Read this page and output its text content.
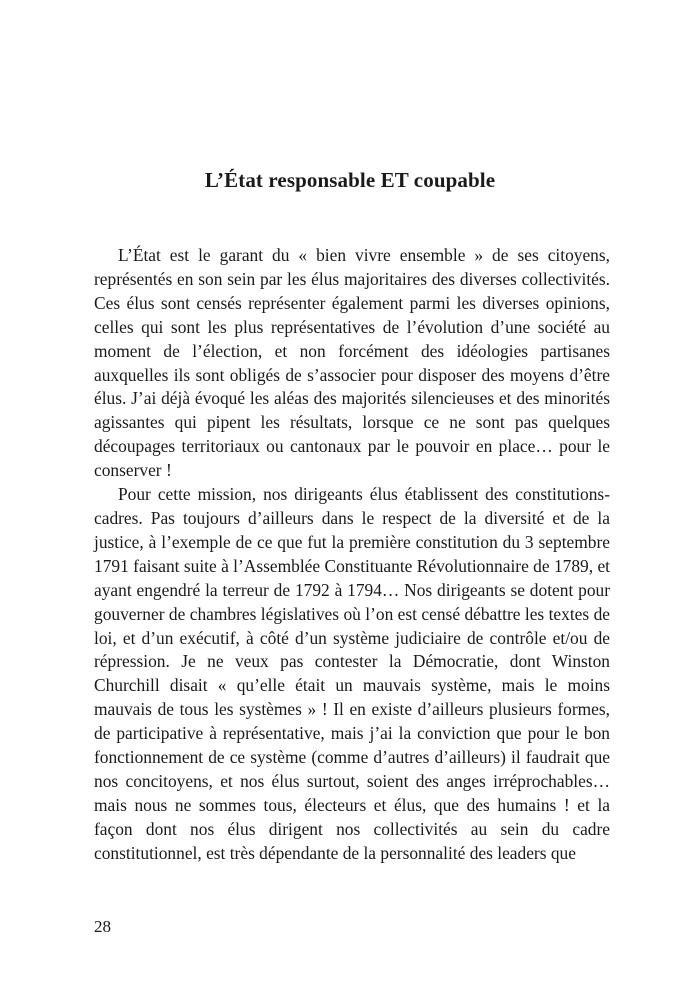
L’État responsable ET coupable

L’État est le garant du « bien vivre ensemble » de ses citoyens, représentés en son sein par les élus majoritaires des diverses collectivités. Ces élus sont censés représenter également parmi les diverses opinions, celles qui sont les plus représentatives de l’évolution d’une société au moment de l’élection, et non forcément des idéologies partisanes auxquelles ils sont obligés de s’associer pour disposer des moyens d’être élus. J’ai déjà évoqué les aléas des majorités silencieuses et des minorités agissantes qui pipent les résultats, lorsque ce ne sont pas quelques découpages territoriaux ou cantonaux par le pouvoir en place… pour le conserver !

Pour cette mission, nos dirigeants élus établissent des constitutions-cadres. Pas toujours d’ailleurs dans le respect de la diversité et de la justice, à l’exemple de ce que fut la première constitution du 3 septembre 1791 faisant suite à l’Assemblée Constituante Révolutionnaire de 1789, et ayant engendré la terreur de 1792 à 1794… Nos dirigeants se dotent pour gouverner de chambres législatives où l’on est censé débattre les textes de loi, et d’un exécutif, à côté d’un système judiciaire de contrôle et/ou de répression. Je ne veux pas contester la Démocratie, dont Winston Churchill disait « qu’elle était un mauvais système, mais le moins mauvais de tous les systèmes » ! Il en existe d’ailleurs plusieurs formes, de participative à représentative, mais j’ai la conviction que pour le bon fonctionnement de ce système (comme d’autres d’ailleurs) il faudrait que nos concitoyens, et nos élus surtout, soient des anges irréprochables… mais nous ne sommes tous, électeurs et élus, que des humains ! et la façon dont nos élus dirigent nos collectivités au sein du cadre constitutionnel, est très dépendante de la personnalité des leaders que

28
